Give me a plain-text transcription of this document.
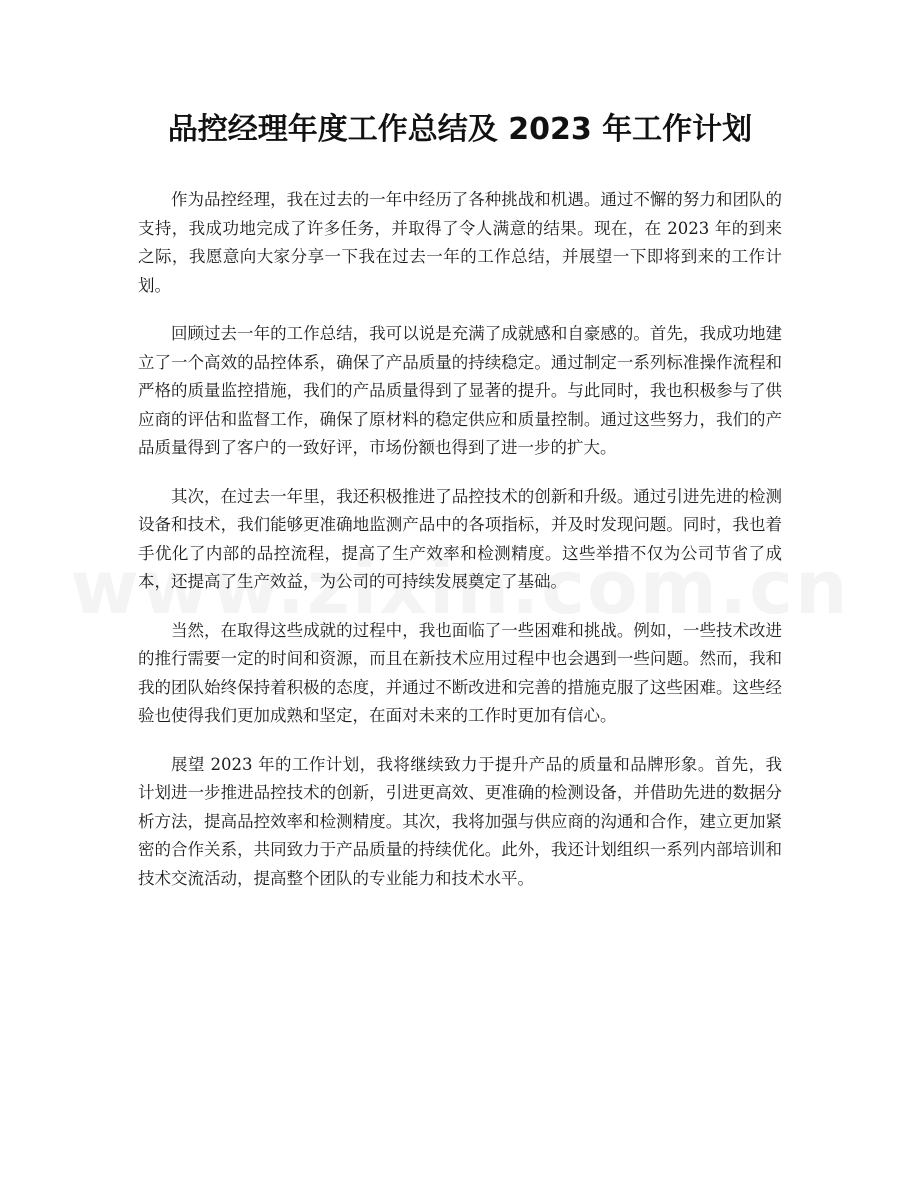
品控经理年度工作总结及 2023 年工作计划

作为品控经理，我在过去的一年中经历了各种挑战和机遇。通过不懈的努力和团队的支持，我成功地完成了许多任务，并取得了令人满意的结果。现在，在 2023 年的到来之际，我愿意向大家分享一下我在过去一年的工作总结，并展望一下即将到来的工作计划。

回顾过去一年的工作总结，我可以说是充满了成就感和自豪感的。首先，我成功地建立了一个高效的品控体系，确保了产品质量的持续稳定。通过制定一系列标准操作流程和严格的质量监控措施，我们的产品质量得到了显著的提升。与此同时，我也积极参与了供应商的评估和监督工作，确保了原材料的稳定供应和质量控制。通过这些努力，我们的产品质量得到了客户的一致好评，市场份额也得到了进一步的扩大。

其次，在过去一年里，我还积极推进了品控技术的创新和升级。通过引进先进的检测设备和技术，我们能够更准确地监测产品中的各项指标，并及时发现问题。同时，我也着手优化了内部的品控流程，提高了生产效率和检测精度。这些举措不仅为公司节省了成本，还提高了生产效益，为公司的可持续发展奠定了基础。

当然，在取得这些成就的过程中，我也面临了一些困难和挑战。例如，一些技术改进的推行需要一定的时间和资源，而且在新技术应用过程中也会遇到一些问题。然而，我和我的团队始终保持着积极的态度，并通过不断改进和完善的措施克服了这些困难。这些经验也使得我们更加成熟和坚定，在面对未来的工作时更加有信心。

展望 2023 年的工作计划，我将继续致力于提升产品的质量和品牌形象。首先，我计划进一步推进品控技术的创新，引进更高效、更准确的检测设备，并借助先进的数据分析方法，提高品控效率和检测精度。其次，我将加强与供应商的沟通和合作，建立更加紧密的合作关系，共同致力于产品质量的持续优化。此外，我还计划组织一系列内部培训和技术交流活动，提高整个团队的专业能力和技术水平。
